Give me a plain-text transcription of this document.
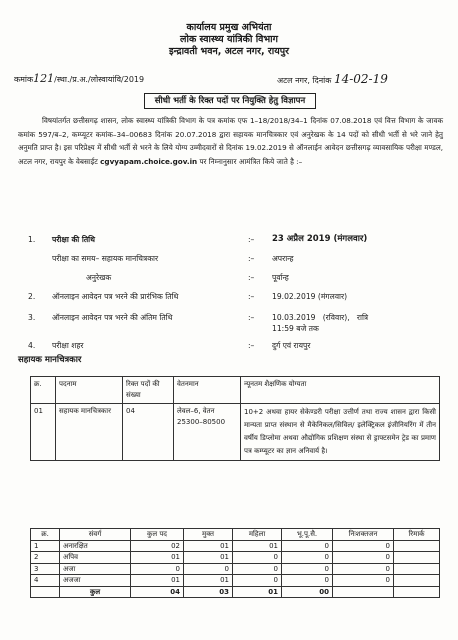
कार्यालय प्रमुख अभियंता
लोक स्वास्थ्य यांत्रिकी विभाग
इन्द्रावती भवन, अटल नगर, रायपुर
कमांक121/स्था./प्र.अ./लोस्वायांवि/2019	अटल नगर, दिनांक 14-02-19
सीधी भर्ती के रिक्त पदों पर नियुक्ति हेतु विज्ञापन
विषयांतर्गत छत्तीसगढ़ शासन, लोक स्वास्थ्य यांत्रिकी विभाग के पत्र कमांक एफ 1–18/2018/34–1 दिनांक 07.08.2018 एवं वित्त विभाग के जावक कमांक 597/ब–2, कम्प्यूटर कमांक–34–00683 दिनांक 20.07.2018 द्वारा सहायक मानचित्रकार एवं अनुरेखक के 14 पदों को सीधी भर्ती से भरे जाने हेतु अनुमति प्राप्त है। इस परिप्रेक्ष्य में सीधी भर्ती से भरने के लिये योग्य उम्मीदवारों से दिनांक 19.02.2019 से ऑनलाईन आवेदन छत्तीसगढ़ व्यावसायिक परीक्षा मण्डल, अटल नगर, रायपुर के वेबसाईट cgvyapam.choice.gov.in पर निम्नानुसार आमंत्रित किये जाते है :–
1. परीक्षा की तिथि	:– 23 अप्रैल 2019 (मंगलवार)
परीक्षा का समय– सहायक मानचित्रकार	:– अपरान्ह
अनुरेखक	:– पूर्वान्ह
2. ऑनलाइन आवेदन पत्र भरने की प्रारंभिक तिथि	:– 19.02.2019 (मंगलवार)
3. ऑनलाइन आवेदन पत्र भरने की अंतिम तिथि	:– 10.03.2019   (रविवार),   रात्रि
11:59 बजे तक
4. परीक्षा शहर	:– दुर्ग एवं रायपुर
सहायक मानचित्रकार
क्र.	पदनाम	रिक्त पदों की संख्या	वेतनमान	न्यूनतम शैक्षणिक योग्यता
01	सहायक मानचित्रकार	04	लेवल–6, वेतन 25300–80500	10+2 अथवा हायर सेकेण्डरी परीक्षा उत्तीर्ण तथा राज्य शासन द्वारा किसी मान्यता प्राप्त संस्थान से मैकेनिकल/सिविल/ इलेक्ट्रिकल इंजीनियरिंग में तीन वर्षीय डिप्लोमा अथवा औद्योगिक प्रशिक्षण संस्था से ड्राफ्टसमेन ट्रेड का प्रमाण पत्र कम्प्यूटर का ज्ञान अनिवार्य है।
क्र.	संवर्ग	कुल पद	मुक्त	महिला	भू.पू.सै.	निःशक्तजन	रिमार्क
1	अनारक्षित	02	01	01	0	0	
2	अपिव	01	01	0	0	0	
3	अजा	0	0	0	0	0	
4	अजजा	01	01	0	0	0	
	कुल	04	03	01	00		
